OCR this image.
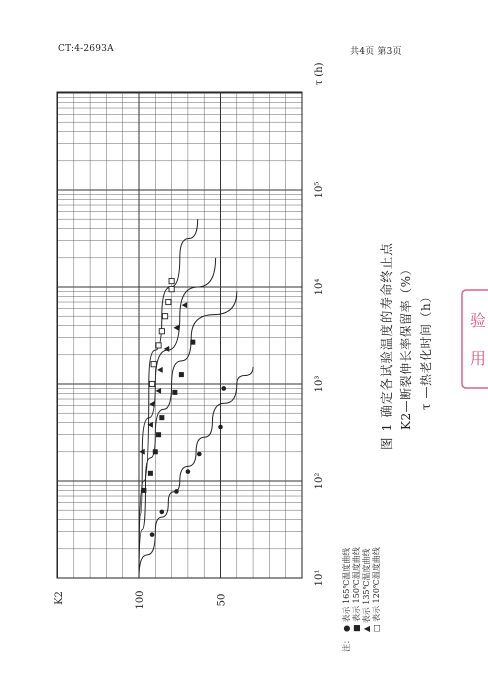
CT:4-2693A	共4页 第3页
10¹
10²
10³
10⁴
10⁵
100	50
τ (h)
K2
图 1 确定各试验温度的寿命终止点 K2—断裂伸长率保留率（%） τ —热老化时间（h）
注：
● 表示 165℃温度曲线 ■ 表示 150℃温度曲线 ▲ 表示 135℃温度曲线 □ 表示 120℃温度曲线
验
用
